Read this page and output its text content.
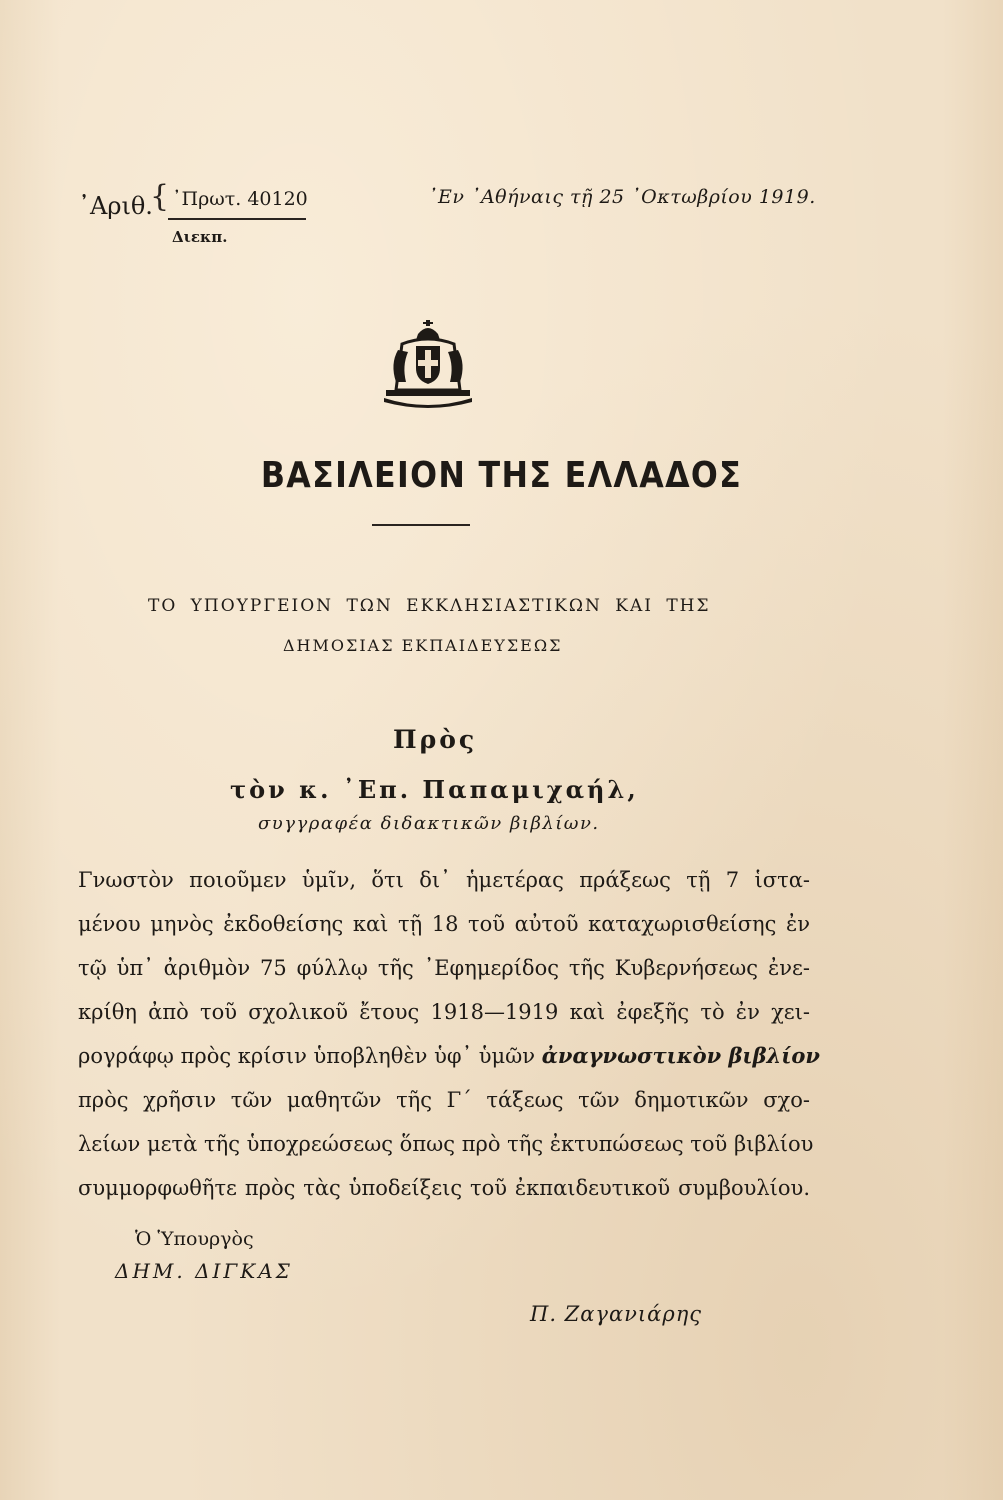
᾿Αριθ.
{ ᾿Πρωτ. 40120
Διεκπ.
᾿Εν ᾿Αθήναις τῇ 25 ᾿Οκτωβρίου 1919.
ΒΑΣΙΛΕΙΟΝ ΤΗΣ ΕΛΛΑΔΟΣ
ΤΟ ΥΠΟΥΡΓΕΙΟΝ ΤΩΝ ΕΚΚΛΗΣΙΑΣΤΙΚΩΝ ΚΑΙ ΤΗΣ
ΔΗΜΟΣΙΑΣ ΕΚΠΑΙΔΕΥΣΕΩΣ
Πρὸς
τὸν κ. ᾿Επ. Παπαμιχαήλ,
συγγραφέα διδακτικῶν βιβλίων.
Γνωστὸν ποιοῦμεν ὑμῖν, ὅτι δι᾿ ἡμετέρας πράξεως τῇ 7 ἱστα-
μένου μηνὸς ἐκδοθείσης καὶ τῇ 18 τοῦ αὐτοῦ καταχωρισθείσης ἐν
τῷ ὑπ᾿ ἀριθμὸν 75 φύλλῳ τῆς ᾿Εφημερίδος τῆς Κυβερνήσεως ἐνε-
κρίθη ἀπὸ τοῦ σχολικοῦ ἔτους 1918—1919 καὶ ἐφεξῆς τὸ ἐν χει-
ρογράφῳ πρὸς κρίσιν ὑποβληθὲν ὑφ᾿ ὑμῶν ἀναγνωστικὸν βιβλίον
πρὸς χρῆσιν τῶν μαθητῶν τῆς Γ΄ τάξεως τῶν δημοτικῶν σχο-
λείων μετὰ τῆς ὑποχρεώσεως ὅπως πρὸ τῆς ἐκτυπώσεως τοῦ βιβλίου
συμμορφωθῆτε πρὸς τὰς ὑποδείξεις τοῦ ἐκπαιδευτικοῦ συμβουλίου.
Ὁ Ὑπουργὸς
ΔΗΜ. ΔΙΓΚΑΣ
Π. Ζαγανιάρης
